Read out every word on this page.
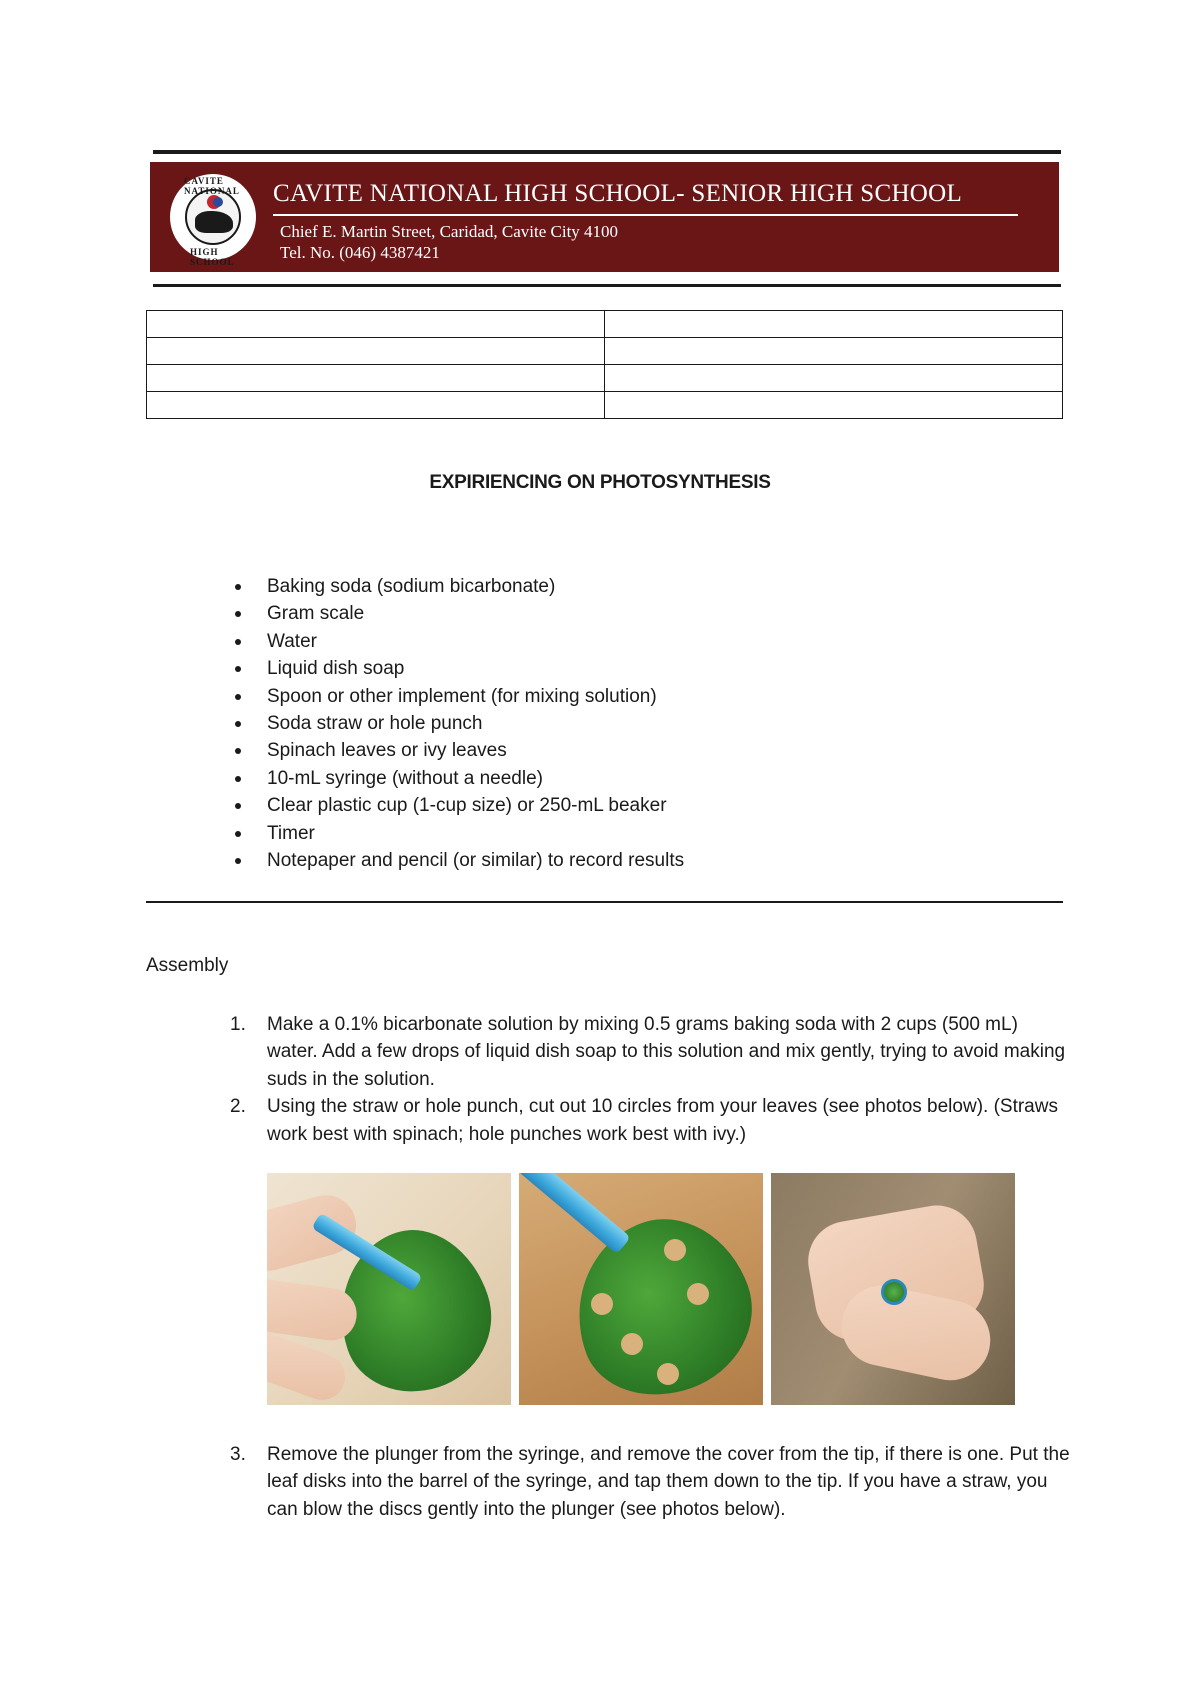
CAVITE NATIONAL
HIGH SCHOOL
CAVITE NATIONAL HIGH SCHOOL- SENIOR HIGH SCHOOL
Chief E. Martin Street, Caridad, Cavite City 4100
Tel. No. (046) 4387421

EXPIRIENCING ON PHOTOSYNTHESIS
Baking soda (sodium bicarbonate)
Gram scale
Water
Liquid dish soap
Spoon or other implement (for mixing solution)
Soda straw or hole punch
Spinach leaves or ivy leaves
10-mL syringe (without a needle)
Clear plastic cup (1-cup size) or 250-mL beaker
Timer
Notepaper and pencil (or similar) to record results
Assembly
1. Make a 0.1% bicarbonate solution by mixing 0.5 grams baking soda with 2 cups (500 mL) water. Add a few drops of liquid dish soap to this solution and mix gently, trying to avoid making suds in the solution.
2. Using the straw or hole punch, cut out 10 circles from your leaves (see photos below). (Straws work best with spinach; hole punches work best with ivy.)
3. Remove the plunger from the syringe, and remove the cover from the tip, if there is one. Put the leaf disks into the barrel of the syringe, and tap them down to the tip. If you have a straw, you can blow the discs gently into the plunger (see photos below).
